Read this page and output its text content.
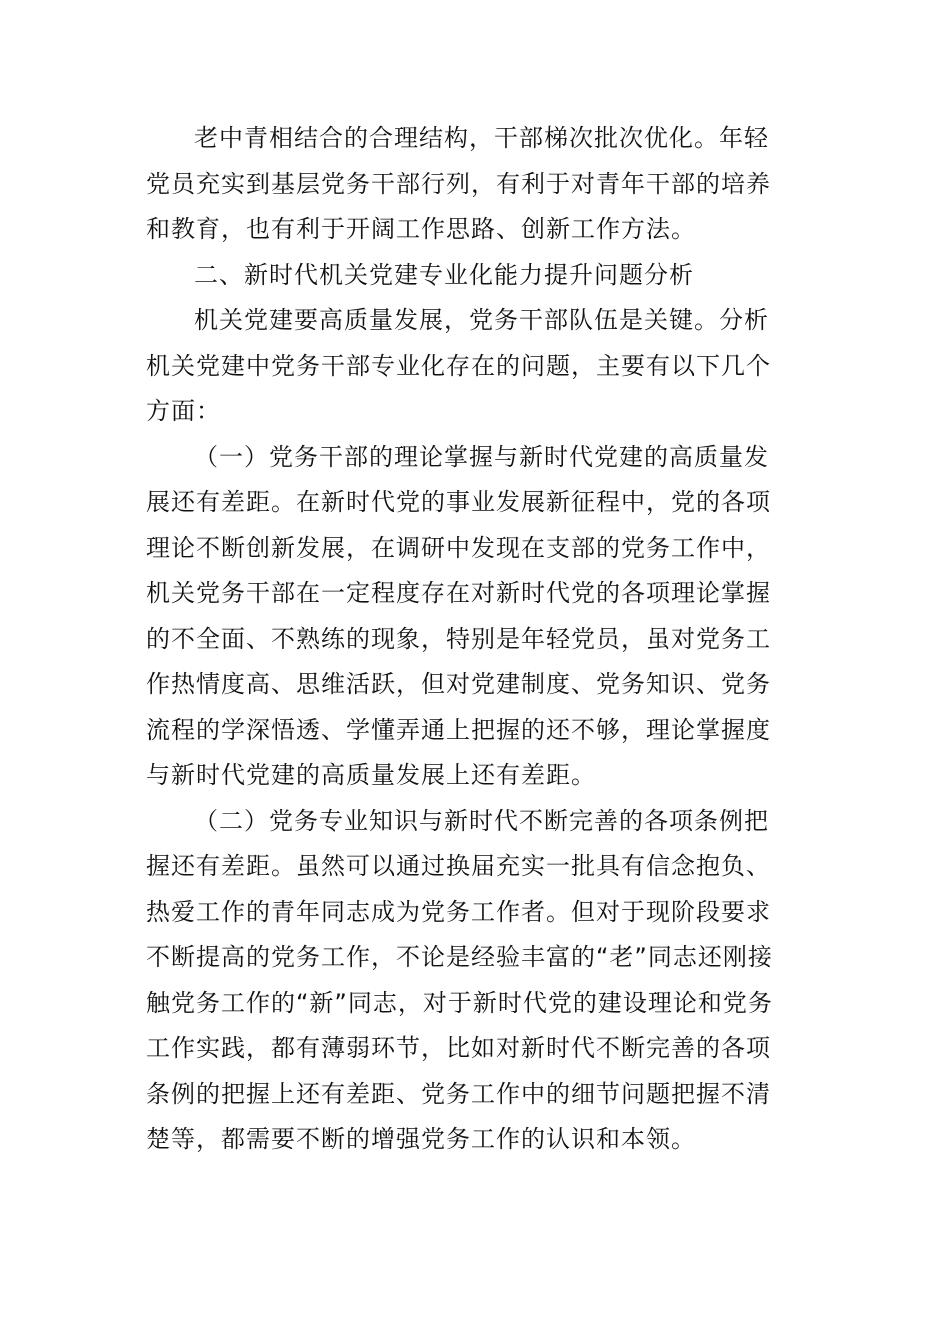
老中青相结合的合理结构，干部梯次批次优化。年轻

党员充实到基层党务干部行列，有利于对青年干部的培养

和教育，也有利于开阔工作思路、创新工作方法。

二、新时代机关党建专业化能力提升问题分析

机关党建要高质量发展，党务干部队伍是关键。分析

机关党建中党务干部专业化存在的问题，主要有以下几个

方面：

（一）党务干部的理论掌握与新时代党建的高质量发

展还有差距。在新时代党的事业发展新征程中，党的各项

理论不断创新发展，在调研中发现在支部的党务工作中，

机关党务干部在一定程度存在对新时代党的各项理论掌握

的不全面、不熟练的现象，特别是年轻党员，虽对党务工

作热情度高、思维活跃，但对党建制度、党务知识、党务

流程的学深悟透、学懂弄通上把握的还不够，理论掌握度

与新时代党建的高质量发展上还有差距。

（二）党务专业知识与新时代不断完善的各项条例把

握还有差距。虽然可以通过换届充实一批具有信念抱负、

热爱工作的青年同志成为党务工作者。但对于现阶段要求

不断提高的党务工作，不论是经验丰富的“老”同志还刚接

触党务工作的“新”同志，对于新时代党的建设理论和党务

工作实践，都有薄弱环节，比如对新时代不断完善的各项

条例的把握上还有差距、党务工作中的细节问题把握不清

楚等，都需要不断的增强党务工作的认识和本领。
